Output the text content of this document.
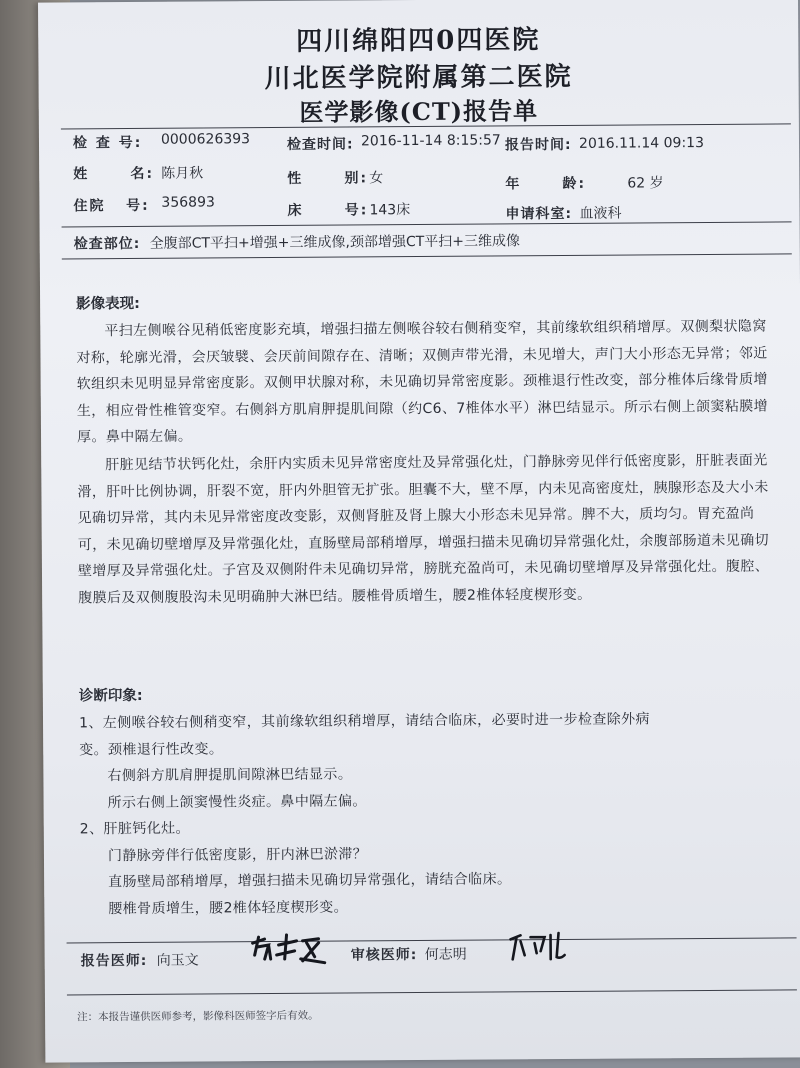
四川绵阳四0四医院
川北医学院附属第二医院
医学影像(CT)报告单
检 查 号: 0000626393	检查时间: 2016-11-14 8:15:57 报告时间: 2016.11.14 09:13
姓      名: 陈月秋	性      别: 女	年      龄:	62 岁
住院   号: 356893	床      号: 143床	申请科室: 血液科
检查部位: 全腹部CT平扫+增强+三维成像,颈部增强CT平扫+三维成像
影像表现:

平扫左侧喉谷见稍低密度影充填，增强扫描左侧喉谷较右侧稍变窄，其前缘软组织稍增厚。双侧梨状隐窝对称，轮廓光滑，会厌皱襞、会厌前间隙存在、清晰；双侧声带光滑，未见增大，声门大小形态无异常；邻近软组织未见明显异常密度影。双侧甲状腺对称，未见确切异常密度影。颈椎退行性改变，部分椎体后缘骨质增生，相应骨性椎管变窄。右侧斜方肌肩胛提肌间隙（约C6、7椎体水平）淋巴结显示。所示右侧上颌窦粘膜增厚。鼻中隔左偏。

肝脏见结节状钙化灶，余肝内实质未见异常密度灶及异常强化灶，门静脉旁见伴行低密度影，肝脏表面光滑，肝叶比例协调，肝裂不宽，肝内外胆管无扩张。胆囊不大，壁不厚，内未见高密度灶，胰腺形态及大小未见确切异常，其内未见异常密度改变影，双侧肾脏及肾上腺大小形态未见异常。脾不大，质均匀。胃充盈尚可，未见确切壁增厚及异常强化灶，直肠壁局部稍增厚，增强扫描未见确切异常强化灶，余腹部肠道未见确切壁增厚及异常强化灶。子宫及双侧附件未见确切异常，膀胱充盈尚可，未见确切壁增厚及异常强化灶。腹腔、腹膜后及双侧腹股沟未见明确肿大淋巴结。腰椎骨质增生，腰2椎体轻度楔形变。

诊断印象:
1、左侧喉谷较右侧稍变窄，其前缘软组织稍增厚，请结合临床，必要时进一步检查除外病
变。颈椎退行性改变。
右侧斜方肌肩胛提肌间隙淋巴结显示。
所示右侧上颌窦慢性炎症。鼻中隔左偏。
2、肝脏钙化灶。
门静脉旁伴行低密度影，肝内淋巴淤滞？
直肠壁局部稍增厚，增强扫描未见确切异常强化，请结合临床。
腰椎骨质增生，腰2椎体轻度楔形变。
报告医师: 向玉文	审核医师: 何志明
注：本报告谨供医师参考，影像科医师签字后有效。
